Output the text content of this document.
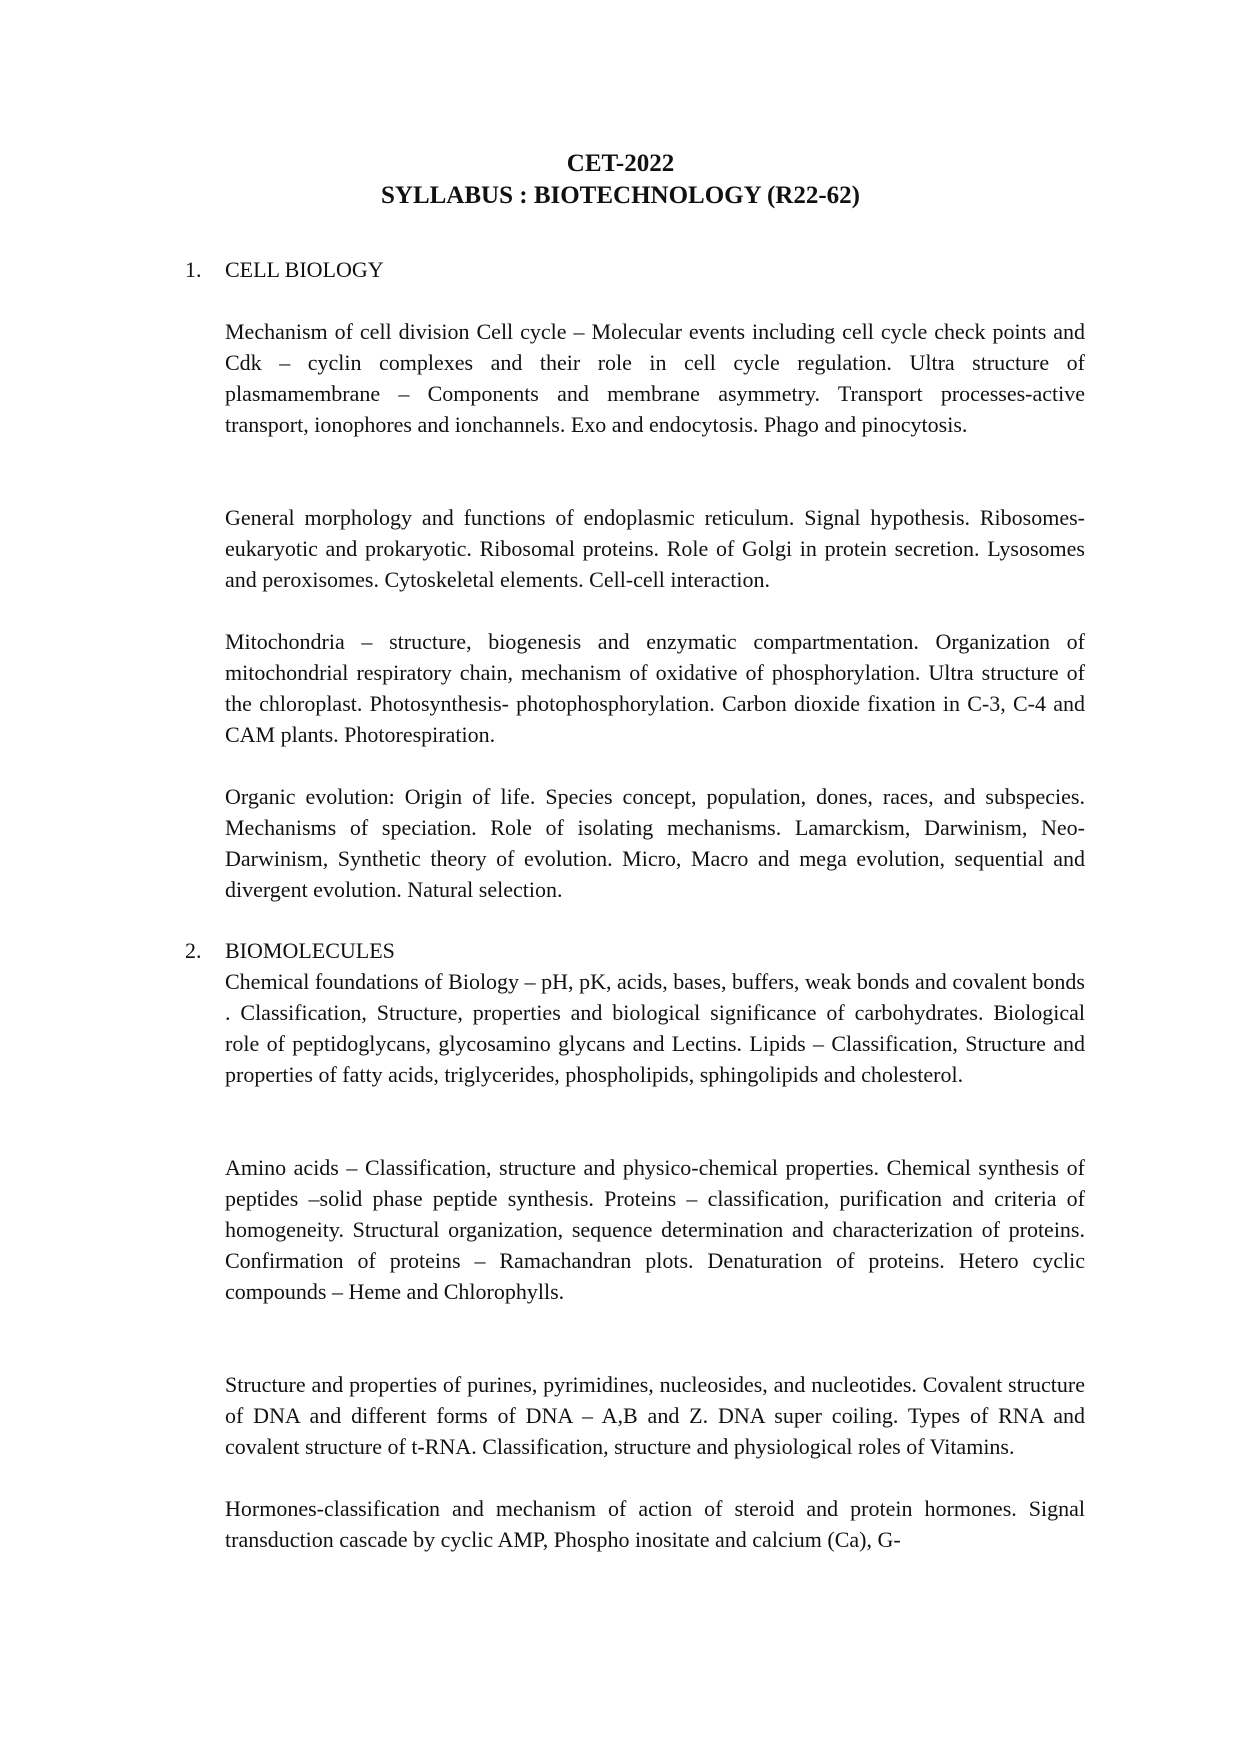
CET-2022
SYLLABUS : BIOTECHNOLOGY (R22-62)
1. CELL BIOLOGY

Mechanism of cell division Cell cycle – Molecular events including cell cycle check points and Cdk – cyclin complexes and their role in cell cycle regulation. Ultra structure of plasmamembrane – Components and membrane asymmetry. Transport processes-active transport, ionophores and ionchannels. Exo and endocytosis. Phago and pinocytosis.

General morphology and functions of endoplasmic reticulum. Signal hypothesis. Ribosomes- eukaryotic and prokaryotic. Ribosomal proteins. Role of Golgi in protein secretion. Lysosomes and peroxisomes. Cytoskeletal elements. Cell-cell interaction.

Mitochondria – structure, biogenesis and enzymatic compartmentation. Organization of mitochondrial respiratory chain, mechanism of oxidative of phosphorylation. Ultra structure of the chloroplast. Photosynthesis- photophosphorylation. Carbon dioxide fixation in C-3, C-4 and CAM plants. Photorespiration.

Organic evolution: Origin of life. Species concept, population, dones, races, and subspecies. Mechanisms of speciation. Role of isolating mechanisms. Lamarckism, Darwinism, Neo-Darwinism, Synthetic theory of evolution. Micro, Macro and mega evolution, sequential and divergent evolution. Natural selection.

2. BIOMOLECULES

Chemical foundations of Biology – pH, pK, acids, bases, buffers, weak bonds and covalent bonds . Classification, Structure, properties and biological significance of carbohydrates. Biological role of peptidoglycans, glycosamino glycans and Lectins. Lipids – Classification, Structure and properties of fatty acids, triglycerides, phospholipids, sphingolipids and cholesterol.

Amino acids – Classification, structure and physico-chemical properties. Chemical synthesis of peptides –solid phase peptide synthesis. Proteins – classification, purification and criteria of homogeneity. Structural organization, sequence determination and characterization of proteins. Confirmation of proteins – Ramachandran plots. Denaturation of proteins. Hetero cyclic compounds – Heme and Chlorophylls.

Structure and properties of purines, pyrimidines, nucleosides, and nucleotides. Covalent structure of DNA and different forms of DNA – A,B and Z. DNA super coiling. Types of RNA and covalent structure of t-RNA. Classification, structure and physiological roles of Vitamins.

Hormones-classification and mechanism of action of steroid and protein hormones. Signal transduction cascade by cyclic AMP, Phospho inositate and calcium (Ca), G-
